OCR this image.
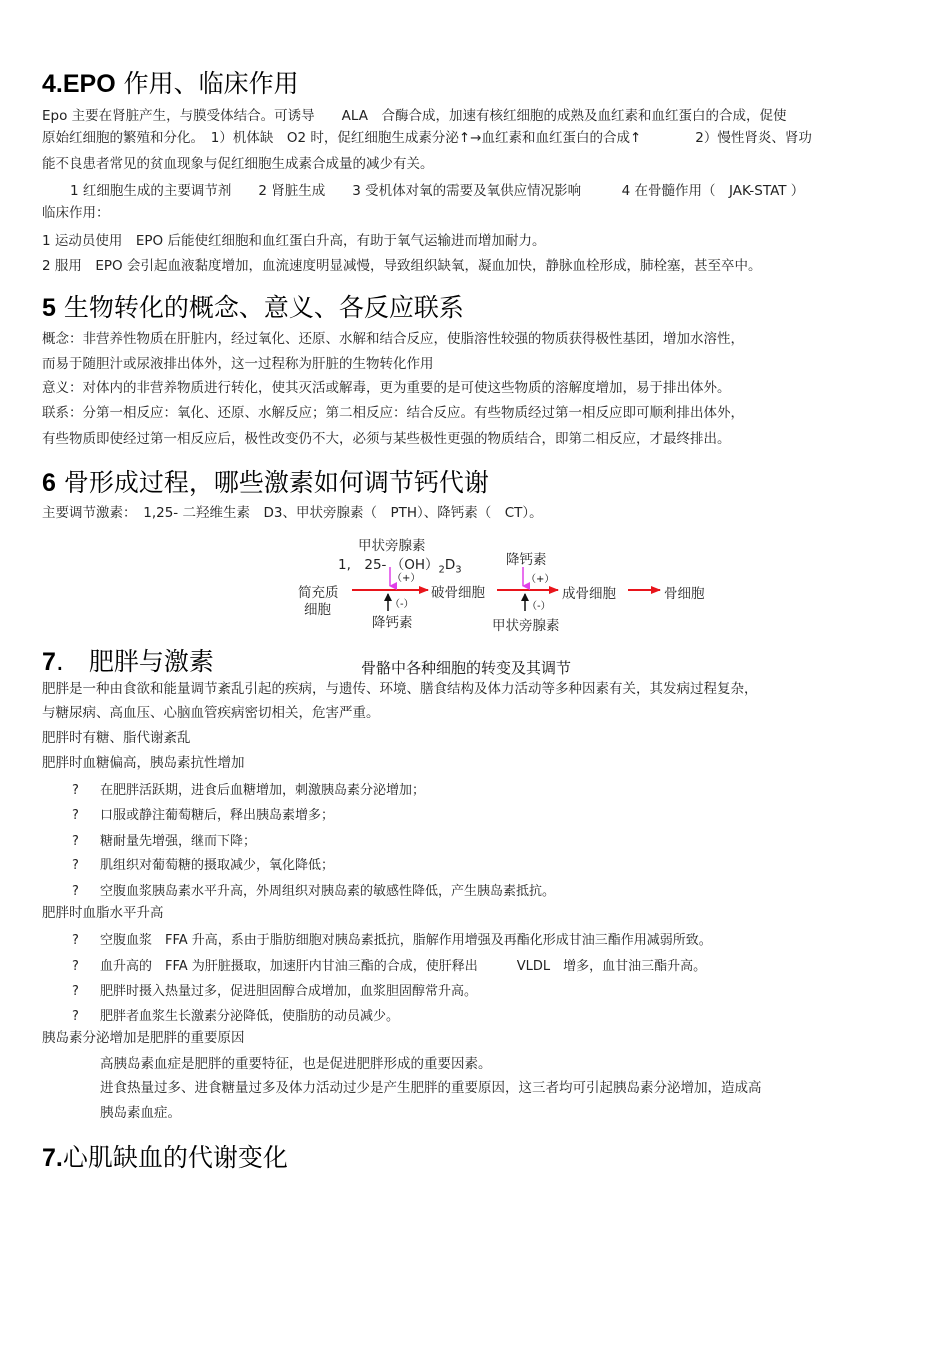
4.EPO 作用、临床作用
Epo 主要在肾脏产生，与膜受体结合。可诱导　　ALA　合酶合成，加速有核红细胞的成熟及血红素和血红蛋白的合成，促使
原始红细胞的繁殖和分化。　1）机体缺　O2 时，促红细胞生成素分泌↑→血红素和血红蛋白的合成↑　　　　2）慢性肾炎、肾功
能不良患者常见的贫血现象与促红细胞生成素合成量的减少有关。
1 红细胞生成的主要调节剂　　2 肾脏生成　　3 受机体对氧的需要及氧供应情况影响　　　4 在骨髓作用（　JAK-STAT ）
临床作用：
1 运动员使用　EPO 后能使红细胞和血红蛋白升高，有助于氧气运输进而增加耐力。
2 服用　EPO 会引起血液黏度增加，血流速度明显减慢，导致组织缺氧，凝血加快，静脉血栓形成，肺栓塞，甚至卒中。
5 生物转化的概念、意义、各反应联系
概念：非营养性物质在肝脏内，经过氧化、还原、水解和结合反应，使脂溶性较强的物质获得极性基团，增加水溶性，
而易于随胆汁或尿液排出体外，这一过程称为肝脏的生物转化作用
意义：对体内的非营养物质进行转化，使其灭活或解毒，更为重要的是可使这些物质的溶解度增加，易于排出体外。
联系：分第一相反应：氧化、还原、水解反应；第二相反应：结合反应。有些物质经过第一相反应即可顺利排出体外，
有些物质即使经过第一相反应后，极性改变仍不大，必须与某些极性更强的物质结合，即第二相反应，才最终排出。
6 骨形成过程，哪些激素如何调节钙代谢
主要调节激素：　1,25- 二羟维生素　D3、甲状旁腺素（　PTH）、降钙素（　CT）。
甲状旁腺素
1,　25- $(OH)_2D_3$
降钙素
（+）	（+）
（-）	（-）
简充质
细胞
破骨细胞	成骨细胞	骨细胞
降钙素	甲状旁腺素
骨骼中各种细胞的转变及其调节
7.　肥胖与激素
肥胖是一种由食欲和能量调节紊乱引起的疾病，与遗传、环境、膳食结构及体力活动等多种因素有关，其发病过程复杂，
与糖尿病、高血压、心脑血管疾病密切相关，危害严重。
肥胖时有糖、脂代谢紊乱
肥胖时血糖偏高，胰岛素抗性增加
? 在肥胖活跃期，进食后血糖增加，刺激胰岛素分泌增加；
? 口服或静注葡萄糖后，释出胰岛素增多；
? 糖耐量先增强，继而下降；
? 肌组织对葡萄糖的摄取减少，氧化降低；
? 空腹血浆胰岛素水平升高，外周组织对胰岛素的敏感性降低，产生胰岛素抵抗。
肥胖时血脂水平升高
? 空腹血浆　FFA 升高，系由于脂肪细胞对胰岛素抵抗，脂解作用增强及再酯化形成甘油三酯作用减弱所致。
? 血升高的　FFA 为肝脏摄取，加速肝内甘油三酯的合成，使肝释出　　　VLDL　增多，血甘油三酯升高。
? 肥胖时摄入热量过多，促进胆固醇合成增加，血浆胆固醇常升高。
? 肥胖者血浆生长激素分泌降低，使脂肪的动员减少。
胰岛素分泌增加是肥胖的重要原因
高胰岛素血症是肥胖的重要特征，也是促进肥胖形成的重要因素。
进食热量过多、进食糖量过多及体力活动过少是产生肥胖的重要原因，这三者均可引起胰岛素分泌增加，造成高
胰岛素血症。
7.心肌缺血的代谢变化
